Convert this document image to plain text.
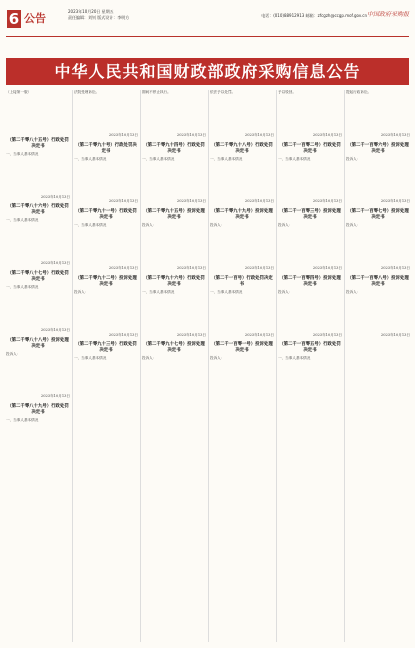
6 公告
2023年10月20日 星期五
责任编辑：刘钊 版式设计：李明方	电话：(010)88912913 邮箱：zfcgzh@ccgp.mof.gov.cn 中国政府采购报
中华人民共和国财政部政府采购信息公告
（上接第一版）
（第二千零八十五号）行政处罚决定书
一、当事人基本情况
2023年10月13日
（第二千零八十六号）行政处罚决定书
一、当事人基本情况
2023年10月13日
（第二千零八十七号）行政处罚决定书
一、当事人基本情况
2023年10月13日
（第二千零八十八号）投诉处理决定书
投诉人：
2023年10月13日
（第二千零八十九号）行政处罚决定书
一、当事人基本情况
法院受理诉讼。
2023年10月13日
（第二千零九十号）行政处罚决定书
一、当事人基本情况
2023年10月13日
（第二千零九十一号）行政处罚决定书
一、当事人基本情况
2023年10月13日
（第二千零九十二号）投诉处理决定书
投诉人：
2023年10月13日
（第二千零九十三号）行政处罚决定书
一、当事人基本情况
期间不停止执行。
2023年10月13日
（第二千零九十四号）行政处罚决定书
一、当事人基本情况
2023年10月13日
（第二千零九十五号）投诉处理决定书
投诉人：
2023年10月13日
（第二千零九十六号）行政处罚决定书
一、当事人基本情况
2023年10月13日
（第二千零九十七号）投诉处理决定书
投诉人：
依法予以处罚。
2023年10月13日
（第二千零九十八号）行政处罚决定书
一、当事人基本情况
2023年10月13日
（第二千零九十九号）投诉处理决定书
投诉人：
2023年10月13日
（第二千一百号）行政处罚决定书
一、当事人基本情况
2023年10月13日
（第二千一百零一号）投诉处理决定书
投诉人：
予以驳回。
2023年10月13日
（第二千一百零二号）行政处罚决定书
一、当事人基本情况
2023年10月13日
（第二千一百零三号）投诉处理决定书
投诉人：
2023年10月13日
（第二千一百零四号）投诉处理决定书
投诉人：
2023年10月13日
（第二千一百零五号）行政处罚决定书
一、当事人基本情况
提起行政诉讼。
2023年10月13日
（第二千一百零六号）投诉处理决定书
投诉人：
2023年10月13日
（第二千一百零七号）投诉处理决定书
投诉人：
2023年10月13日
（第二千一百零八号）投诉处理决定书
投诉人：
2023年10月13日
